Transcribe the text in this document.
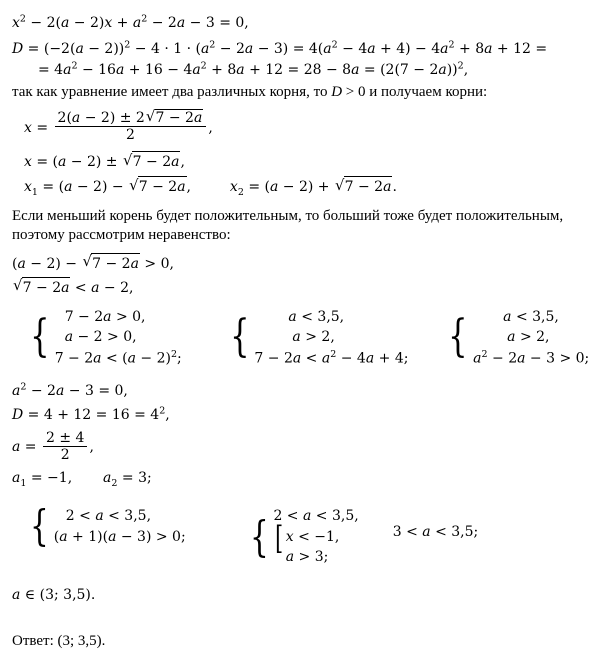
$x^2 - 2(a - 2)x + a^2 - 2a - 3 = 0$,
$D = (-2(a - 2))^2 - 4 \cdot 1 \cdot (a^2 - 2a - 3) = 4(a^2 - 4a + 4) - 4a^2 + 8a + 12$ =
= $4a^2 - 16a + 16 - 4a^2 + 8a + 12 = 28 - 8a = (2(7 - 2a))^2$,
так как уравнение имеет два различных корня, то D > 0 и получаем корни:
$x = \frac{2(a - 2) \pm 2 √ 7 - 2a}{2}$ ,
x = (a − 2) ± √ 7 − 2a,
$x_1 = (a - 2)$ − √ 7 − 2a,	$x_2 = (a - 2)$ + √ 7 − 2a.
Если меньший корень будет положительным, то больший тоже будет положительным,
поэтому рассмотрим неравенство:
(a − 2) − √ 7 − 2a > 0,
√ 7 − 2a < a − 2,
{	7 − 2a > 0,
a − 2 > 0,
$7 - 2a < (a - 2)^2$; {	a < 3,5,
a > 2,
$7 - 2a < a^2 - 4a + 4$; {	a < 3,5,
a > 2,
$a^2 - 2a - 3 > 0$;
$a^2 - 2a - 3 = 0$,
$D = 4 + 12 = 16 = 4^2$,
$a = \frac{2 \pm 4}{2}$ ,
$a_1 = -1$, $a_2 = 3$;
{	2 < a < 3,5,
(a + 1)(a − 3) > 0; { 2 < a < 3,5,
[ x < −1,
a > 3;
3 < a < 3,5;
a ∈ (3; 3,5).
Ответ: (3; 3,5).
